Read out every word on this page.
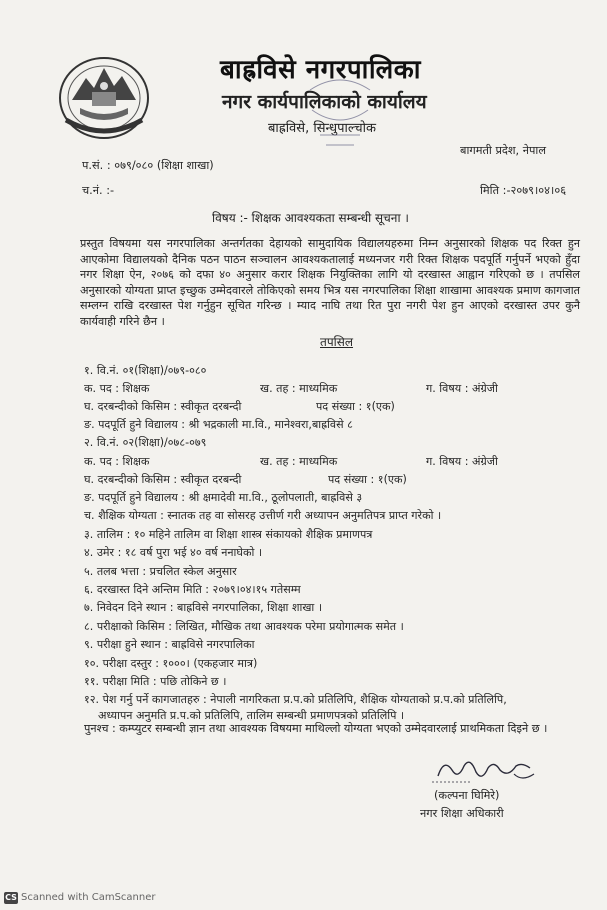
बाह्रविसे नगरपालिका
नगर कार्यपालिकाको कार्यालय
बाह्रविसे, सिन्धुपाल्चोक
बागमती प्रदेश, नेपाल
प.सं. : ०७९/०८० (शिक्षा शाखा)
च.नं. :-	मिति :-२०७९।०४।०६
विषय :- शिक्षक आवश्यकता सम्बन्धी सूचना ।
प्रस्तुत विषयमा यस नगरपालिका अन्तर्गतका देहायको सामुदायिक विद्यालयहरुमा निम्न अनुसारको शिक्षक पद रिक्त हुन आएकोमा विद्यालयको दैनिक पठन पाठन सञ्चालन आवश्यकतालाई मध्यनजर गरी रिक्त शिक्षक पदपूर्ति गर्नुपर्ने भएको हुँदा नगर शिक्षा ऐन, २०७६ को दफा ४० अनुसार करार शिक्षक नियुक्तिका लागि यो दरखास्त आह्वान गरिएको छ । तपसिल अनुसारको योग्यता प्राप्त इच्छुक उम्मेदवारले तोकिएको समय भित्र यस नगरपालिका शिक्षा शाखामा आवश्यक प्रमाण कागजात सम्लग्न राखि दरखास्त पेश गर्नुहुन सूचित गरिन्छ । म्याद नाघि तथा रित पुरा नगरी पेश हुन आएको दरखास्त उपर कुनै कार्यवाही गरिने छैन ।
तपसिल
१. वि.नं. ०१(शिक्षा)/०७९-०८०
क. पद : शिक्षक	ख. तह : माध्यमिक	ग. विषय : अंग्रेजी
घ. दरबन्दीको किसिम : स्वीकृत दरबन्दी	पद संख्या : १(एक)
ङ. पदपूर्ति हुने विद्यालय : श्री भद्रकाली मा.वि., मानेश्वरा,बाह्रविसे ८
२. वि.नं. ०२(शिक्षा)/०७८-०७९
क. पद : शिक्षक	ख. तह : माध्यमिक	ग. विषय : अंग्रेजी
घ. दरबन्दीको किसिम : स्वीकृत दरबन्दी	पद संख्या : १(एक)
ङ. पदपूर्ति हुने विद्यालय : श्री क्षमादेवी मा.वि., ठूलोपलाती, बाह्रविसे ३
च. शैक्षिक योग्यता : स्नातक तह वा सोसरह उत्तीर्ण गरी अध्यापन अनुमतिपत्र प्राप्त गरेको ।
३. तालिम : १० महिने तालिम वा शिक्षा शास्त्र संकायको शैक्षिक प्रमाणपत्र
४. उमेर : १८ वर्ष पुरा भई ४० वर्ष ननाघेको ।
५. तलब भत्ता : प्रचलित स्केल अनुसार
६. दरखास्त दिने अन्तिम मिति : २०७९।०४।१५ गतेसम्म
७. निवेदन दिने स्थान : बाह्रविसे नगरपालिका, शिक्षा शाखा ।
८. परीक्षाको किसिम : लिखित, मौखिक तथा आवश्यक परेमा प्रयोगात्मक समेत ।
९. परीक्षा हुने स्थान : बाह्रविसे नगरपालिका
१०. परीक्षा दस्तुर : १०००। (एकहजार मात्र)
११. परीक्षा मिति : पछि तोकिने छ ।
१२. पेश गर्नु पर्ने कागजातहरु : नेपाली नागरिकता प्र.प.को प्रतिलिपि, शैक्षिक योग्यताको प्र.प.को प्रतिलिपि,
अध्यापन अनुमति प्र.प.को प्रतिलिपि, तालिम सम्बन्धी प्रमाणपत्रको प्रतिलिपि ।
पुनश्च : कम्प्युटर सम्बन्धी ज्ञान तथा आवश्यक विषयमा माथिल्लो योग्यता भएको उम्मेदवारलाई प्राथमिकता दिइने छ ।
(कल्पना घिमिरे)
नगर शिक्षा अधिकारी
CS Scanned with CamScanner
